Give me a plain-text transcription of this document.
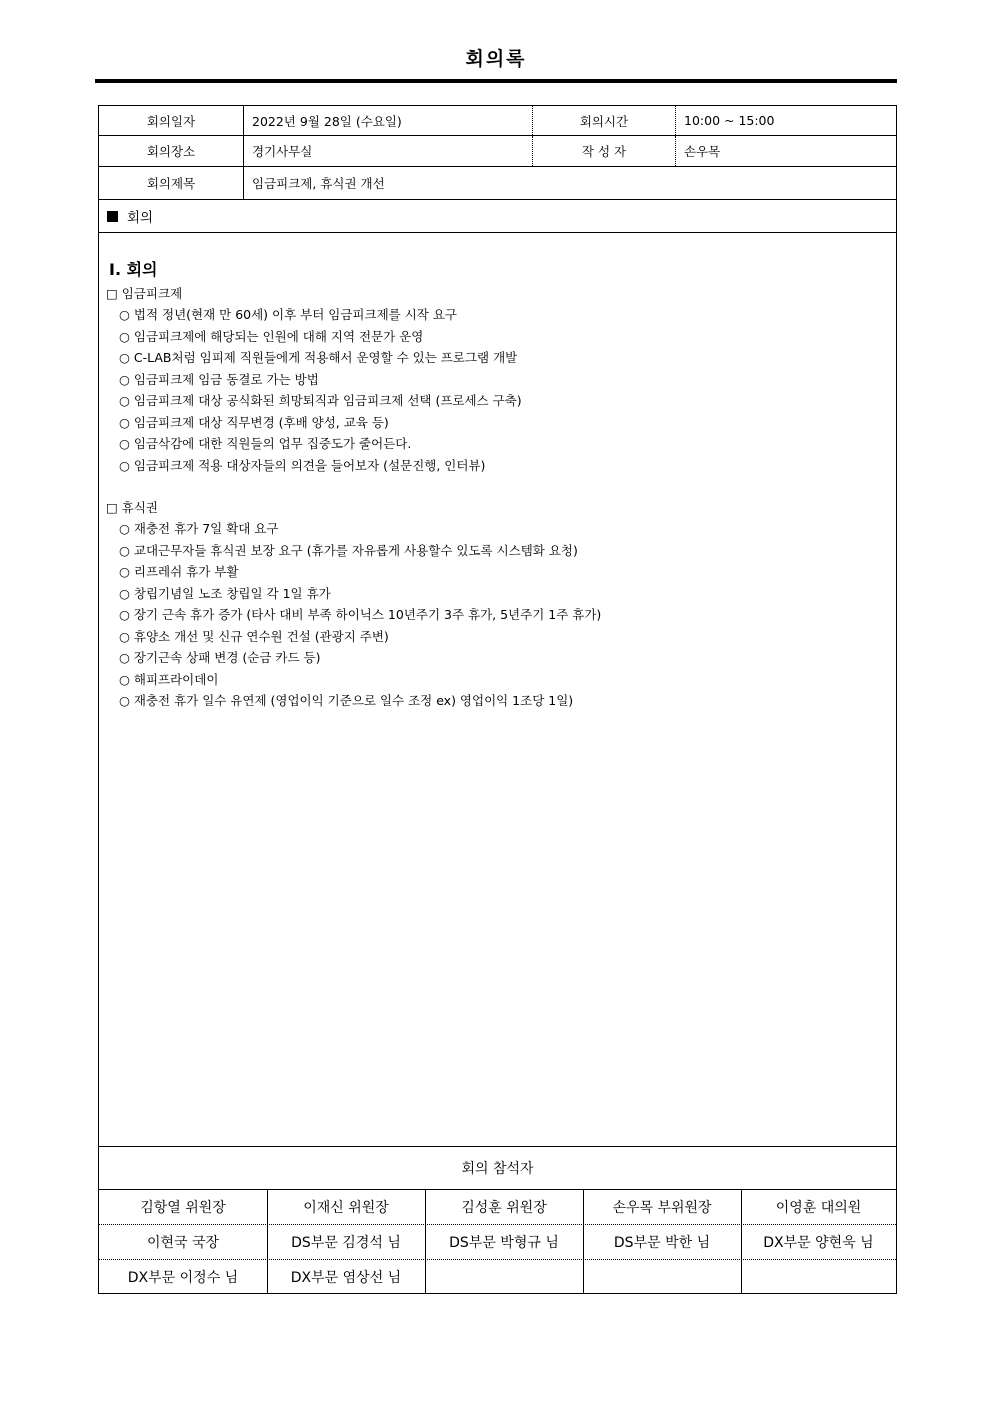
회의록
회의일자	2022년 9월 28일 (수요일)	회의시간	10:00 ~ 15:00
회의장소	경기사무실	작 성 자	손우목
회의제목	임금피크제, 휴식권 개선
회의
Ⅰ. 회의
□ 임금피크제
○ 법적 정년(현재 만 60세) 이후 부터 임금피크제를 시작 요구
○ 임금피크제에 해당되는 인원에 대해 지역 전문가 운영
○ C-LAB처럼 임피제 직원들에게 적용해서 운영할 수 있는 프로그램 개발
○ 임금피크제 임금 동결로 가는 방법
○ 임금피크제 대상 공식화된 희망퇴직과 임금피크제 선택 (프로세스 구축)
○ 임금피크제 대상 직무변경 (후배 양성, 교육 등)
○ 임금삭감에 대한 직원들의 업무 집중도가 줄어든다.
○ 임금피크제 적용 대상자들의 의견을 들어보자 (설문진행, 인터뷰)
□ 휴식권
○ 재충전 휴가 7일 확대 요구
○ 교대근무자들 휴식권 보장 요구 (휴가를 자유롭게 사용할수 있도록 시스템화 요청)
○ 리프레쉬 휴가 부활
○ 창립기념일 노조 창립일 각 1일 휴가
○ 장기 근속 휴가 증가 (타사 대비 부족 하이닉스 10년주기 3주 휴가, 5년주기 1주 휴가)
○ 휴양소 개선 및 신규 연수원 건설 (관광지 주변)
○ 장기근속 상패 변경 (순금 카드 등)
○ 해피프라이데이
○ 재충전 휴가 일수 유연제 (영업이익 기준으로 일수 조정 ex) 영업이익 1조당 1일)
회의 참석자
김항열 위원장	이재신 위원장	김성훈 위원장	손우목 부위원장	이영훈 대의원
이현국 국장	DS부문 김경석 님	DS부문 박형규 님	DS부문 박한 님	DX부문 양현욱 님
DX부문 이정수 님	DX부문 염상선 님
